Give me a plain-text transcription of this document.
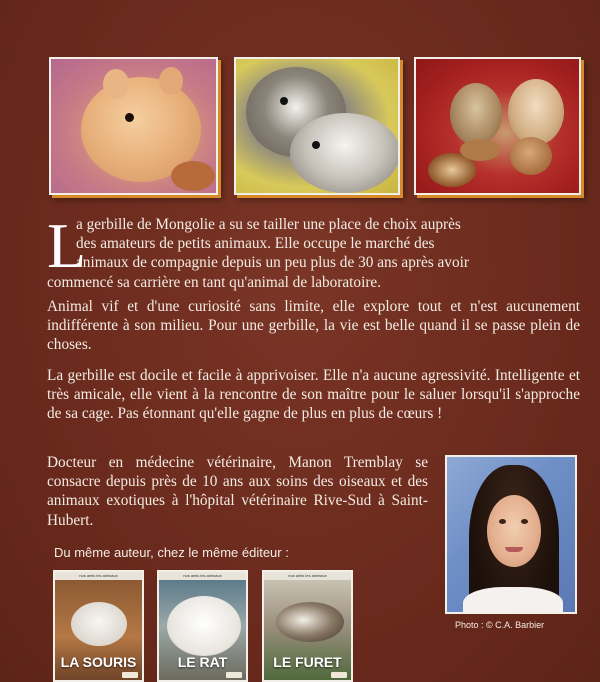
L

a gerbille de Mongolie a su se tailler une place de choix auprès
des amateurs de petits animaux. Elle occupe le marché des
animaux de compagnie depuis un peu plus de 30 ans après avoir
commencé sa carrière en tant qu'animal de laboratoire.

Animal vif et d'une curiosité sans limite, elle explore tout et n'est aucunement indifférente à son milieu. Pour une gerbille, la vie est belle quand il se passe plein de choses.

La gerbille est docile et facile à apprivoiser. Elle n'a aucune agressivité. Intelligente et très amicale, elle vient à la rencontre de son maître pour le saluer lorsqu'il s'approche de sa cage. Pas étonnant qu'elle gagne de plus en plus de cœurs !

Docteur en médecine vétérinaire, Manon Tremblay se consacre depuis près de 10 ans aux soins des oiseaux et des animaux exotiques à l'hôpital vétérinaire Rive-Sud à Saint-Hubert.

Photo : © C.A. Barbier
Du même auteur, chez le même éditeur :
nos amis les animaux
LA SOURIS
nos amis les animaux
LE RAT
nos amis les animaux
LE FURET
